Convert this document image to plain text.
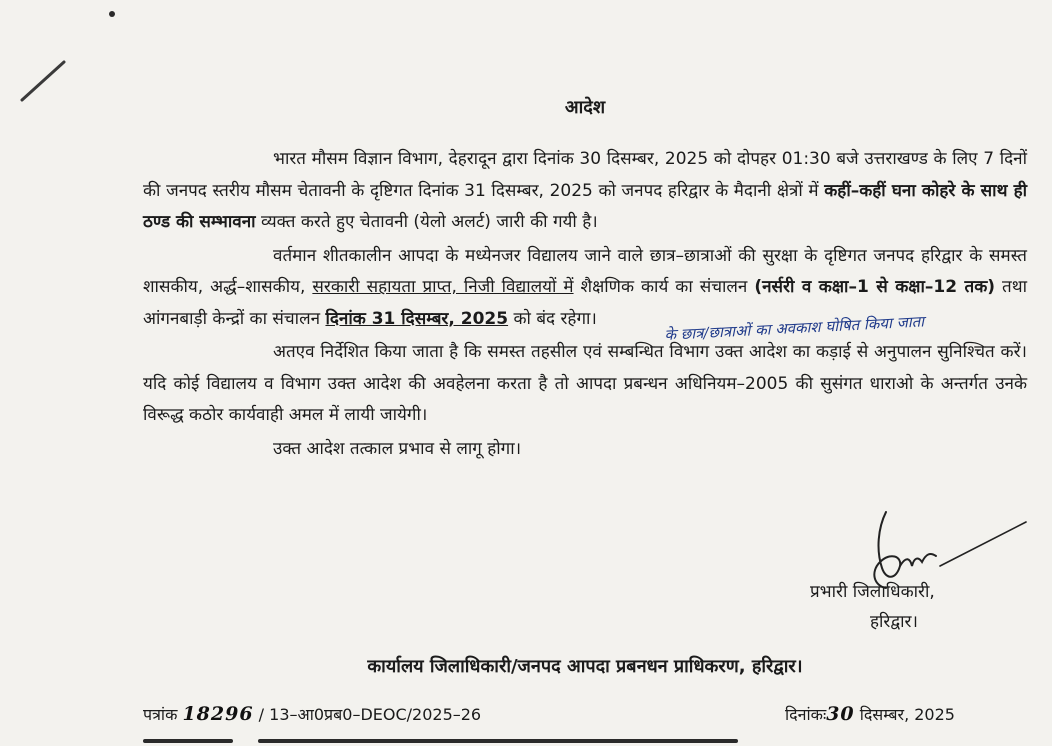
आदेश

भारत मौसम विज्ञान विभाग, देहरादून द्वारा दिनांक 30 दिसम्बर, 2025 को दोपहर 01:30 बजे उत्तराखण्ड के लिए 7 दिनों की जनपद स्तरीय मौसम चेतावनी के दृष्टिगत दिनांक 31 दिसम्बर, 2025 को जनपद हरिद्वार के मैदानी क्षेत्रों में कहीं–कहीं घना कोहरे के साथ ही ठण्ड की सम्भावना व्यक्त करते हुए चेतावनी (येलो अलर्ट) जारी की गयी है।

वर्तमान शीतकालीन आपदा के मध्येनजर विद्यालय जाने वाले छात्र–छात्राओं की सुरक्षा के दृष्टिगत जनपद हरिद्वार के समस्त शासकीय, अर्द्ध–शासकीय, सरकारी सहायता प्राप्त, निजी विद्यालयों में शैक्षणिक कार्य का संचालन (नर्सरी व कक्षा–1 से कक्षा–12 तक) तथा आंगनबाड़ी केन्द्रों का संचालन दिनांक 31 दिसम्बर, 2025 को बंद रहेगा।

अतएव निर्देशित किया जाता है कि समस्त तहसील एवं सम्बन्धित विभाग उक्त आदेश का कड़ाई से अनुपालन सुनिश्चित करें। यदि कोई विद्यालय व विभाग उक्त आदेश की अवहेलना करता है तो आपदा प्रबन्धन अधिनियम–2005 की सुसंगत धाराओ के अन्तर्गत उनके विरूद्ध कठोर कार्यवाही अमल में लायी जायेगी।

उक्त आदेश तत्काल प्रभाव से लागू होगा।

के छात्र/छात्राओं का अवकाश घोषित किया जाता
प्रभारी जिलाधिकारी,
हरिद्वार।
कार्यालय जिलाधिकारी/जनपद आपदा प्रबनधन प्राधिकरण, हरिद्वार।
पत्रांक 18296 / 13–आ0प्रब0–DEOC/2025–26	दिनांकः30 दिसम्बर, 2025
